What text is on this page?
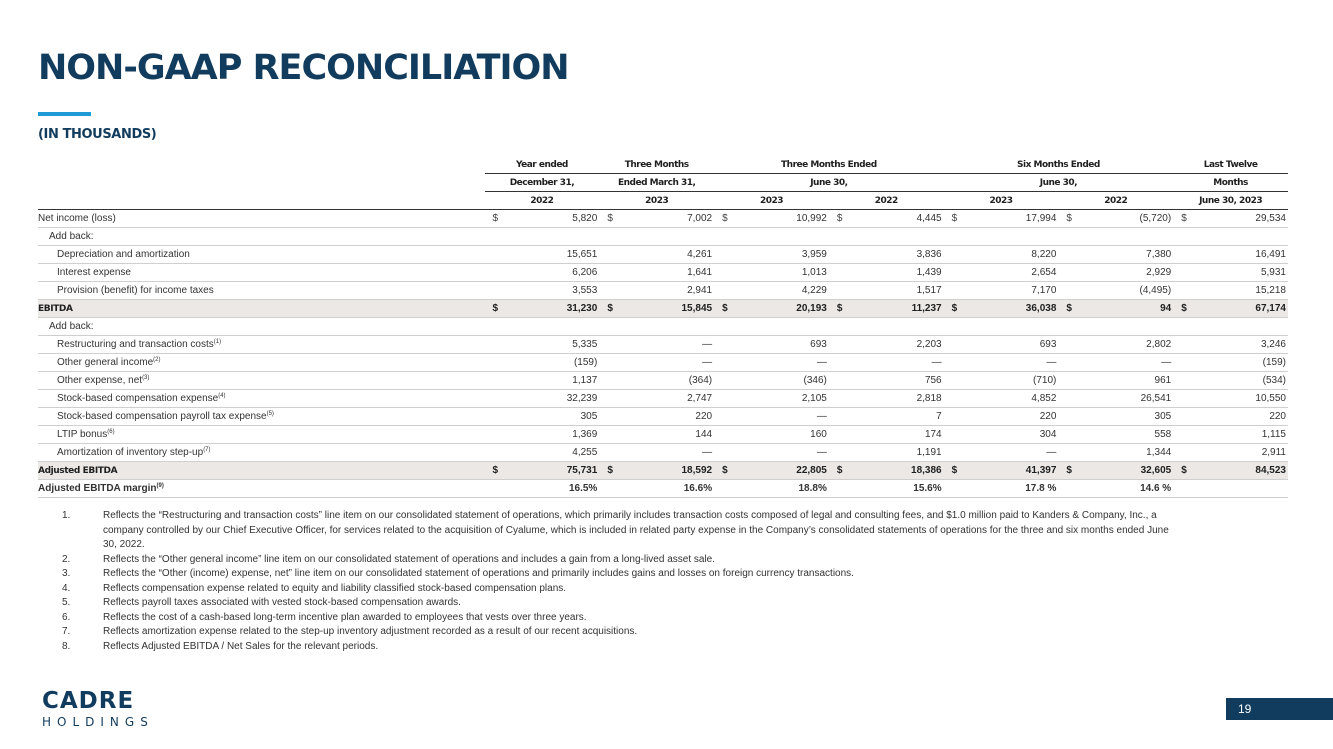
NON-GAAP RECONCILIATION
(IN THOUSANDS)
	Year ended		Three Months		Three Months Ended				Six Months Ended				Last Twelve	
	December 31,		Ended March 31,		June 30,				June 30,				Months	
	2022		2023		2023		2022		2023		2022		June 30, 2023	
Net income (loss)	$	5,820	$	7,002	$	10,992	$	4,445	$	17,994	$	(5,720)	$	29,534
Add back:														
Depreciation and amortization		15,651		4,261		3,959		3,836		8,220		7,380		16,491
Interest expense		6,206		1,641		1,013		1,439		2,654		2,929		5,931
Provision (benefit) for income taxes		3,553		2,941		4,229		1,517		7,170		(4,495)		15,218
EBITDA	$	31,230	$	15,845	$	20,193	$	11,237	$	36,038	$	94	$	67,174
Add back:														
Restructuring and transaction costs$^{(1)}$		5,335		—		693		2,203		693		2,802		3,246
Other general income$^{(2)}$		(159)		—		—		—		—		—		(159)
Other expense, net$^{(3)}$		1,137		(364)		(346)		756		(710)		961		(534)
Stock-based compensation expense$^{(4)}$		32,239		2,747		2,105		2,818		4,852		26,541		10,550
Stock-based compensation payroll tax expense$^{(5)}$		305		220		—		7		220		305		220
LTIP bonus$^{(6)}$		1,369		144		160		174		304		558		1,115
Amortization of inventory step-$up^{(7)}$		4,255		—		—		1,191		—		1,344		2,911
Adjusted EBITDA	$	75,731	$	18,592	$	22,805	$	18,386	$	41,397	$	32,605	$	84,523
Adjusted EBITDA margin$^{(9)}$		16.5%		16.6%		18.8%		15.6%		17.8 %		14.6 %		
1.	Reflects the “Restructuring and transaction costs” line item on our consolidated statement of operations, which primarily includes transaction costs composed of legal and consulting fees, and $1.0 million paid to Kanders & Company, Inc., a company controlled by our Chief Executive Officer, for services related to the acquisition of Cyalume, which is included in related party expense in the Company’s consolidated statements of operations for the three and six months ended June 30, 2022.
2.	Reflects the “Other general income” line item on our consolidated statement of operations and includes a gain from a long-lived asset sale.
3.	Reflects the “Other (income) expense, net” line item on our consolidated statement of operations and primarily includes gains and losses on foreign currency transactions.
4.	Reflects compensation expense related to equity and liability classified stock-based compensation plans.
5.	Reflects payroll taxes associated with vested stock-based compensation awards.
6.	Reflects the cost of a cash-based long-term incentive plan awarded to employees that vests over three years.
7.	Reflects amortization expense related to the step-up inventory adjustment recorded as a result of our recent acquisitions.
8.	Reflects Adjusted EBITDA / Net Sales for the relevant periods.
CADRE
HOLDINGS
19
